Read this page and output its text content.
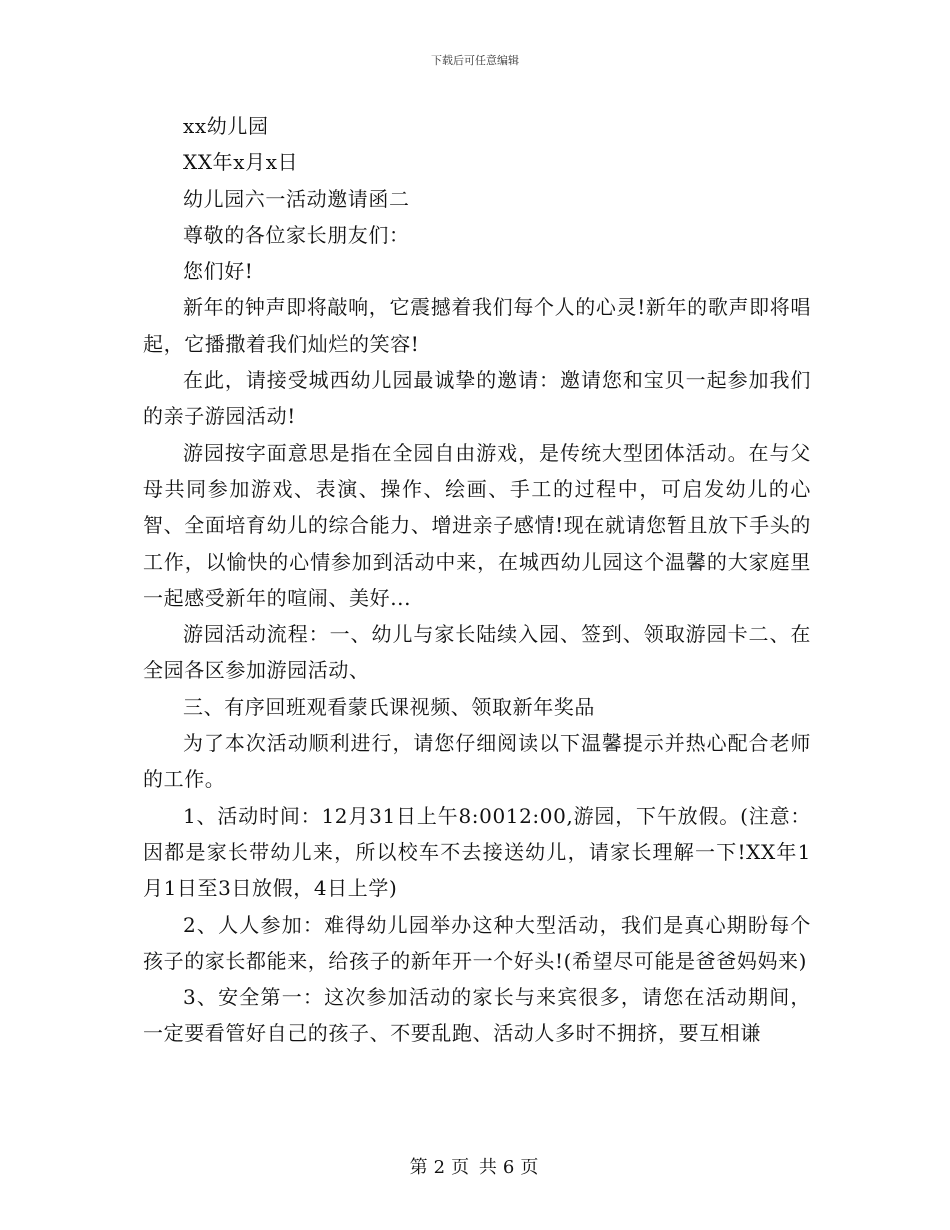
下载后可任意编辑

xx幼儿园

XX年x月x日

幼儿园六一活动邀请函二

尊敬的各位家长朋友们：

您们好!

新年的钟声即将敲响，它震撼着我们每个人的心灵!新年的歌声即将唱起，它播撒着我们灿烂的笑容!

在此，请接受城西幼儿园最诚挚的邀请：邀请您和宝贝一起参加我们的亲子游园活动!

游园按字面意思是指在全园自由游戏，是传统大型团体活动。在与父母共同参加游戏、表演、操作、绘画、手工的过程中，可启发幼儿的心智、全面培育幼儿的综合能力、增进亲子感情!现在就请您暂且放下手头的工作，以愉快的心情参加到活动中来，在城西幼儿园这个温馨的大家庭里一起感受新年的喧闹、美好...

游园活动流程：一、幼儿与家长陆续入园、签到、领取游园卡二、在全园各区参加游园活动、

三、有序回班观看蒙氏课视频、领取新年奖品

为了本次活动顺利进行，请您仔细阅读以下温馨提示并热心配合老师的工作。

1、活动时间：12月31日上午8:0012:00,游园，下午放假。(注意：因都是家长带幼儿来，所以校车不去接送幼儿，请家长理解一下!XX年1月1日至3日放假，4日上学)

2、人人参加：难得幼儿园举办这种大型活动，我们是真心期盼每个孩子的家长都能来，给孩子的新年开一个好头!(希望尽可能是爸爸妈妈来)

3、安全第一：这次参加活动的家长与来宾很多，请您在活动期间，一定要看管好自己的孩子、不要乱跑、活动人多时不拥挤，要互相谦

第 2 页 共 6 页
